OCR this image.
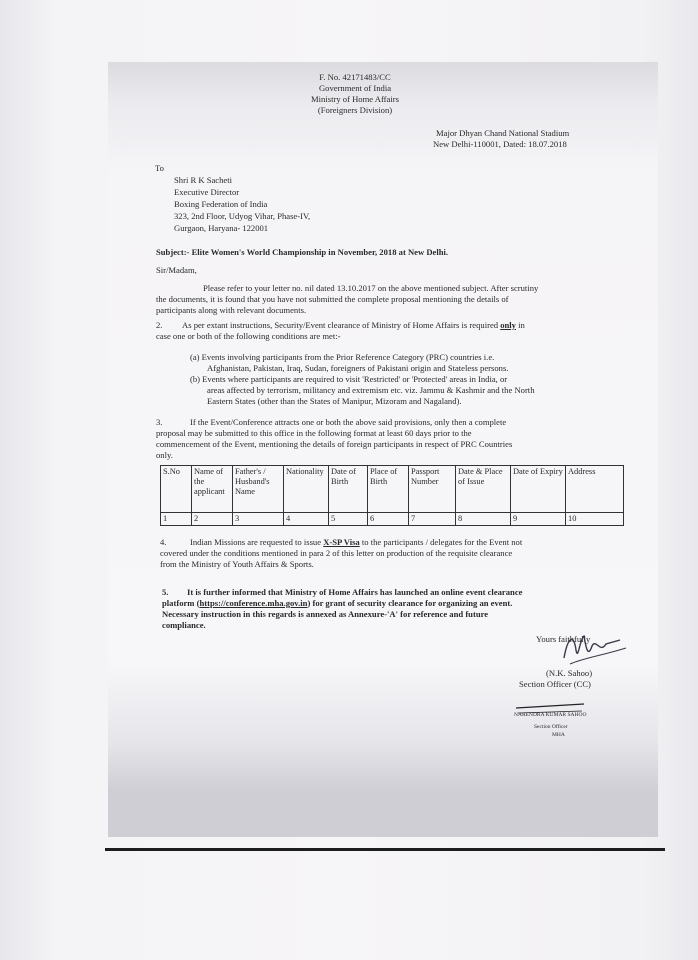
F. No. 42171483/CC
Government of India
Ministry of Home Affairs
(Foreigners Division)
Major Dhyan Chand National Stadium
New Delhi-110001, Dated: 18.07.2018
To
Shri R K Sacheti
Executive Director
Boxing Federation of India
323, 2nd Floor, Udyog Vihar, Phase-IV,
Gurgaon, Haryana- 122001
Subject:- Elite Women's World Championship in November, 2018 at New Delhi.
Sir/Madam,
Please refer to your letter no. nil dated 13.10.2017 on the above mentioned subject. After scrutiny
the documents, it is found that you have not submitted the complete proposal mentioning the details of
participants along with relevant documents.
2. As per extant instructions, Security/Event clearance of Ministry of Home Affairs is required only in
case one or both of the following conditions are met:-
(a) Events involving participants from the Prior Reference Category (PRC) countries i.e.
Afghanistan, Pakistan, Iraq, Sudan, foreigners of Pakistani origin and Stateless persons.
(b) Events where participants are required to visit 'Restricted' or 'Protected' areas in India, or
areas affected by terrorism, militancy and extremism etc. viz. Jammu & Kashmir and the North
Eastern States (other than the States of Manipur, Mizoram and Nagaland).
3.	If the Event/Conference attracts one or both the above said provisions, only then a complete
proposal may be submitted to this office in the following format at least 60 days prior to the
commencement of the Event, mentioning the details of foreign participants in respect of PRC Countries
only.
S.No	Name of the applicant	Father's / Husband's Name	Nationality	Date of Birth	Place of Birth	Passport Number	Date & Place of Issue	Date of Expiry	Address
1	2	3	4	5	6	7	8	9	10
4.	Indian Missions are requested to issue X-SP Visa to the participants / delegates for the Event not
covered under the conditions mentioned in para 2 of this letter on production of the requisite clearance
from the Ministry of Youth Affairs & Sports.
5. It is further informed that Ministry of Home Affairs has launched an online event clearance
platform (https://conference.mha.gov.in) for grant of security clearance for organizing an event.
Necessary instruction in this regards is annexed as Annexure-'A' for reference and future
compliance.
Yours faithfully
(N.K. Sahoo)
Section Officer (CC)
NARENDRA KUMAR SAHOO
Section Officer
MHA
